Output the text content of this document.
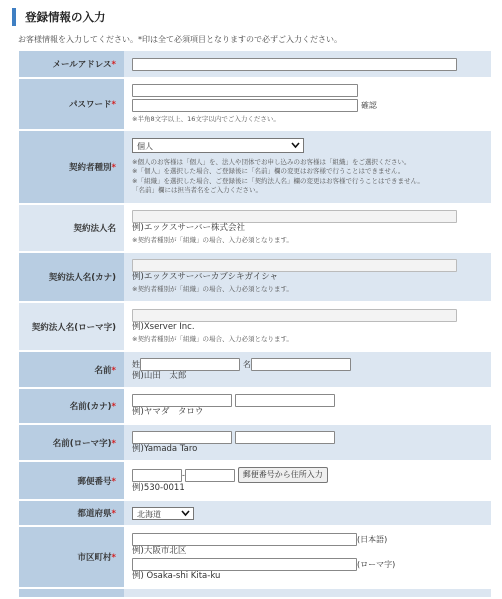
登録情報の入力
お客様情報を入力してください。*印は全て必須項目となりますので必ずご入力ください。
メールアドレス*	

パスワード*	確認
※半角8文字以上、16文字以内でご入力ください。

契約者種別*	個人
※個人のお客様は「個人」を、法人や団体でお申し込みのお客様は「組織」をご選択ください。
※「個人」を選択した場合、ご登録後に「名前」欄の変更はお客様で行うことはできません。
※「組織」を選択した場合、ご登録後に「契約法人名」欄の変更はお客様で行うことはできません。
「名前」欄には担当者名をご入力ください。

契約法人名	例)エックスサーバー株式会社
※契約者種別が「組織」の場合、入力必須となります。

契約法人名(カナ)	例)エックスサーバーカブシキガイシャ
※契約者種別が「組織」の場合、入力必須となります。

契約法人名(ローマ字)	例)Xserver Inc.
※契約者種別が「組織」の場合、入力必須となります。

名前*	姓 名
例)山田　太郎

名前(カナ)*	例)ヤマダ　タロウ

名前(ローマ字)*	例)Yamada Taro

郵便番号*	- 郵便番号から住所入力
例)530-0011

都道府県*	北海道

市区町村*	(日本語)
例)大阪市北区
(ローマ字)
例) Osaka-shi Kita-ku
